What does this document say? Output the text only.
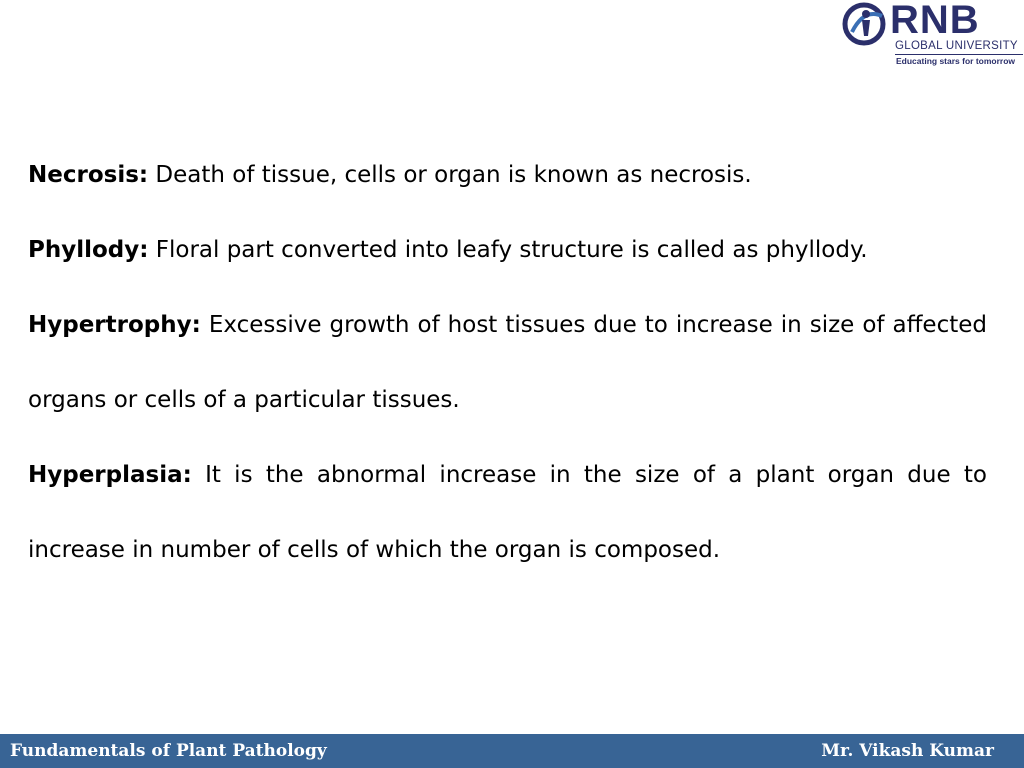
RNB
GLOBAL UNIVERSITY
Educating stars for tomorrow

Necrosis: Death of tissue, cells or organ is known as necrosis.

Phyllody: Floral part converted into leafy structure is called as phyllody.

Hypertrophy: Excessive growth of host tissues due to increase in size of affected organs or cells of a particular tissues.

Hyperplasia: It is the abnormal increase in the size of a plant organ due to increase in number of cells of which the organ is composed.

Fundamentals of Plant Pathology	Mr. Vikash Kumar
